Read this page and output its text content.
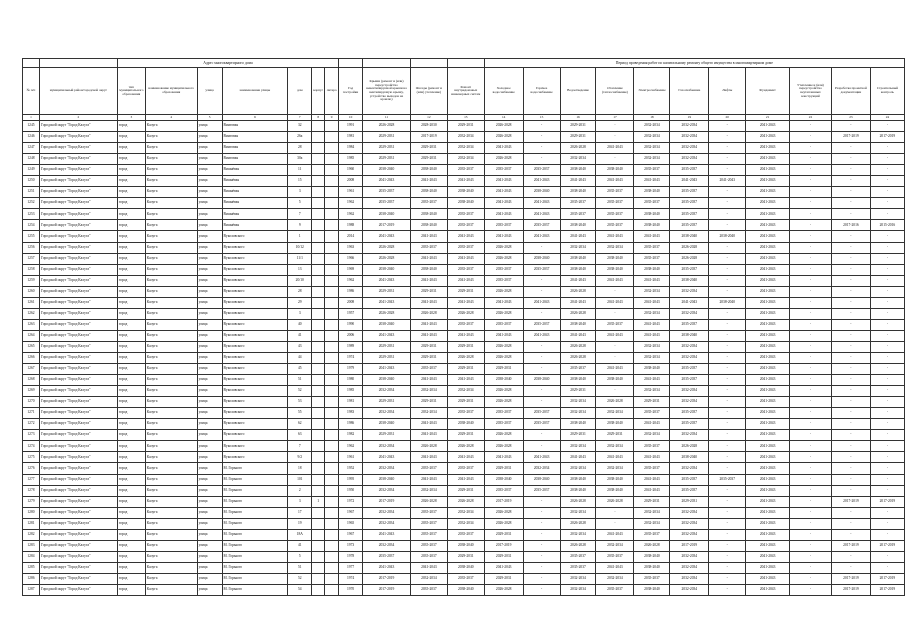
		Адрес многоквартирного дома											Период проведения работ по капитальному ремонту общего имущества в многоквартирном доме										
№ п/п	муниципальный район/городской округ	тип муниципального образования	наименование муниципального образования	улица	наименование улицы	дом	корпус	литера	Год постройки	Крыши (ремонт и (или) переустройство невентилируемой крыши на вентилируемую крышу, устройство выходов на кровлю)	Фасады (ремонт и (или) утепление)	Ремонт внутридомовых инженерных систем	Холодное водоснабжение	Горячее водоснабжение	Водоотведение	Отопление (теплоснабжение)	Электроснабжение	Газоснабжение	Лифты	Фундамент	Утепление и (или) переустройство неутепленных конструкций	Разработка проектной документации	Строительный контроль
1	2	3	4	5	6	7	8	9	10	11	12	13	14	15	16	17	18	19	20	21	22	23	24
1245	Городской округ "Город Калуга"	город	Калуга	улица	Винтовая	32			1991	2026-2028	2028-2030	2029-2031	2026-2028	-	2029-2031	-	2032-2034	2032-2034	-	2041-2043	-	-	-
1246	Городской округ "Город Калуга"	город	Калуга	улица	Винтовая	26а			1981	2029-2031	2017-2019	2032-2034	2026-2028	-	2029-2031	-	2032-2034	2032-2034	-	2041-2043	-	2017-2019	2017-2019
1247	Городской округ "Город Калуга"	город	Калуга	улица	Винтовая	28			1984	2029-2031	2029-2031	2032-2034	2041-2043	-	2026-2028	2041-2043	2032-2034	2032-2034	-	2041-2043	-	-	-
1248	Городской округ "Город Калуга"	город	Калуга	улица	Винтовая	30а			1985	2029-2031	2029-2031	2032-2034	2026-2028	-	2032-2034	-	2032-2034	2032-2034	-	2041-2043	-	-	-
1249	Городской округ "Город Калуга"	город	Калуга	улица	Вишнёвая	11			1960	2038-2040	2038-2040	2035-2037	2035-2037	2035-2037	2038-2040	2038-2040	2035-2037	2035-2037	-	2041-2043	-	-	-
1250	Городской округ "Город Калуга"	город	Калуга	улица	Вишнёвая	15			2008	2041-2043	2041-2043	2041-2043	2041-2043	2041-2043	2041-2043	2041-2043	2041-2043	2041-2043	2041-2043	2041-2043	-	-	-
1251	Городской округ "Город Калуга"	город	Калуга	улица	Вишнёвая	3			1961	2035-2037	2038-2040	2038-2040	2041-2043	2038-2040	2038-2040	2035-2037	2038-2040	2035-2037	-	2041-2043	-	-	-
1252	Городской округ "Город Калуга"	город	Калуга	улица	Вишнёвая	5			1962	2035-2037	2035-2037	2038-2040	2041-2043	2041-2043	2035-2037	2035-2037	2035-2037	2035-2037	-	2041-2043	-	-	-
1253	Городской округ "Город Калуга"	город	Калуга	улица	Вишнёвая	7			1962	2038-2040	2038-2040	2035-2037	2041-2043	2041-2043	2035-2037	2035-2037	2038-2040	2035-2037	-	2041-2043	-	-	-
1254	Городской округ "Город Калуга"	город	Калуга	улица	Вишнёвая	9			1988	2017-2019	2038-2040	2035-2037	2035-2037	2035-2037	2038-2040	2035-2037	2038-2040	2035-2037	-	2041-2043	-	2017-2016	2015-2016
1255	Городской округ "Город Калуга"	город	Калуга	улица	Вуколовского	1			2014	2041-2043	2041-2043	2041-2043	2041-2043	2041-2043	2041-2043	2041-2043	2041-2043	2038-2040	2038-2040	2041-2043	-	-	-
1256	Городской округ "Город Калуга"	город	Калуга	улица	Вуколовского	10/12			1963	2026-2028	2035-2037	2035-2037	2026-2028	-	2032-2034	2032-2034	2035-2037	2026-2028	-	2041-2043	-	-	-
1257	Городской округ "Город Калуга"	город	Калуга	улица	Вуколовского	11/1			1966	2026-2028	2041-2043	2041-2043	2026-2028	2038-2040	2038-2040	2038-2040	2035-2037	2026-2028	-	2041-2043	-	-	-
1258	Городской округ "Город Калуга"	город	Калуга	улица	Вуколовского	13			1969	2038-2040	2038-2040	2035-2037	2035-2037	2035-2037	2038-2040	2038-2040	2038-2040	2035-2037	-	2041-2043	-	-	-
1259	Городской округ "Город Калуга"	город	Калуга	улица	Вуколовского	20/10			1962	2041-2043	2041-2043	2041-2043	2035-2037	-	2041-2043	2041-2043	2041-2043	2038-2040	-	2041-2043	-	-	-
1260	Городской округ "Город Калуга"	город	Калуга	улица	Вуколовского	28			1986	2029-2031	2029-2031	2029-2031	2026-2028	-	2026-2028	-	2032-2034	2032-2034	-	2041-2043	-	-	-
1261	Городской округ "Город Калуга"	город	Калуга	улица	Вуколовского	29			2008	2041-2043	2041-2043	2041-2043	2041-2043	2041-2043	2041-2043	2041-2043	2041-2043	2041-2043	2038-2040	2041-2043	-	-	-
1262	Городской округ "Город Калуга"	город	Калуга	улица	Вуколовского	3			1957	2026-2028	2026-2028	2026-2028	2026-2028	-	2026-2028	-	2032-2034	2032-2034	-	2041-2043	-	-	-
1263	Городской округ "Город Калуга"	город	Калуга	улица	Вуколовского	40			1990	2038-2040	2041-2043	2035-2037	2035-2037	2035-2037	2038-2040	2035-2037	2041-2043	2035-2037	-	2041-2043	-	-	-
1264	Городской округ "Город Калуга"	город	Калуга	улица	Вуколовского	41			2006	2041-2043	2041-2043	2041-2043	2041-2043	2041-2043	2041-2043	2041-2043	2041-2043	2038-2040	-	2041-2043	-	-	-
1265	Городской округ "Город Калуга"	город	Калуга	улица	Вуколовского	43			1989	2029-2031	2029-2031	2029-2031	2026-2028	-	2026-2028	-	2032-2034	2032-2034	-	2041-2043	-	-	-
1266	Городской округ "Город Калуга"	город	Калуга	улица	Вуколовского	44			1974	2029-2031	2029-2031	2026-2028	2026-2028	-	2026-2028	-	2032-2034	2032-2034	-	2041-2043	-	-	-
1267	Городской округ "Город Калуга"	город	Калуга	улица	Вуколовского	45			1979	2041-2043	2035-2037	2029-2031	2029-2031	-	2035-2037	2041-2043	2038-2040	2035-2037	-	2041-2043	-	-	-
1268	Городской округ "Город Калуга"	город	Калуга	улица	Вуколовского	51			1980	2038-2040	2041-2043	2041-2043	2038-2040	2038-2040	2038-2040	2038-2040	2041-2043	2035-2037	-	2041-2043	-	-	-
1269	Городской округ "Город Калуга"	город	Калуга	улица	Вуколовского	52			1985	2032-2034	2032-2034	2032-2034	2026-2028	-	2029-2031	-	2032-2034	2032-2034	-	2041-2043	-	-	-
1270	Городской округ "Город Калуга"	город	Калуга	улица	Вуколовского	53			1981	2029-2031	2029-2031	2029-2031	2026-2028	-	2032-2034	2026-2028	2029-2031	2032-2034	-	2041-2043	-	-	-
1271	Городской округ "Город Калуга"	город	Калуга	улица	Вуколовского	55			1983	2032-2034	2032-2034	2035-2037	2035-2037	2035-2037	2032-2034	2032-2034	2035-2037	2035-2037	-	2041-2043	-	-	-
1272	Городской округ "Город Калуга"	город	Калуга	улица	Вуколовского	62			1986	2038-2040	2041-2043	2038-2040	2035-2037	2035-2037	2038-2040	2038-2040	2041-2043	2035-2037	-	2041-2043	-	-	-
1273	Городской округ "Город Калуга"	город	Калуга	улица	Вуколовского	63			1982	2029-2031	2041-2043	2029-2031	2026-2028	-	2029-2031	2029-2031	2032-2034	2032-2034	-	2041-2043	-	-	-
1274	Городской округ "Город Калуга"	город	Калуга	улица	Вуколовского	7			1962	2032-2034	2026-2028	2026-2028	2026-2028	-	2032-2034	2032-2034	2035-2037	2026-2028	-	2041-2043	-	-	-
1275	Городской округ "Город Калуга"	город	Калуга	улица	Вуколовского	9/2			1961	2041-2043	2041-2043	2041-2043	2041-2043	2041-2043	2041-2043	2041-2043	2041-2043	2038-2040	-	2041-2043	-	-	-
1276	Городской округ "Город Калуга"	город	Калуга	улица	М. Горького	18			1952	2032-2034	2035-2037	2035-2037	2029-2031	2032-2034	2032-2034	2032-2034	2035-2037	2032-2034	-	2041-2043	-	-	-
1277	Городской округ "Город Калуга"	город	Калуга	улица	М. Горького	101			1995	2038-2040	2041-2043	2041-2043	2038-2040	2038-2040	2038-2040	2038-2040	2041-2043	2035-2037	2035-2037	2041-2043	-	-	-
1278	Городской округ "Город Калуга"	город	Калуга	улица	М. Горького	2			1950	2032-2034	2032-2034	2029-2031	2035-2037	2035-2037	2038-2040	2038-2040	2041-2043	2035-2037	-	2041-2043	-	-	-
1279	Городской округ "Город Калуга"	город	Калуга	улица	М. Горького	3	1		1972	2017-2019	2026-2028	2026-2028	2017-2019	-	2026-2028	2026-2028	2029-2031	2029-2031	-	2041-2043	-	2017-2019	2017-2019
1280	Городской округ "Город Калуга"	город	Калуга	улица	М. Горького	17			1967	2032-2034	2035-2037	2032-2034	2026-2028	-	2032-2034	-	2032-2034	2032-2034	-	2041-2043	-	-	-
1281	Городской округ "Город Калуга"	город	Калуга	улица	М. Горького	19			1965	2032-2034	2035-2037	2032-2034	2026-2028	-	2026-2028	-	2032-2034	2032-2034	-	2041-2043	-	-	-
1282	Городской округ "Город Калуга"	город	Калуга	улица	М. Горького	18А			1967	2041-2043	2035-2037	2035-2037	2029-2031	-	2032-2034	2041-2043	2035-2037	2032-2034	-	2041-2043	-	-	-
1283	Городской округ "Город Калуга"	город	Калуга	улица	М. Горького	41			1973	2032-2034	2035-2037	2038-2040	2017-2019	-	2026-2028	2032-2034	2026-2028	2017-2019	-	2041-2043	-	2017-2019	2017-2019
1284	Городской округ "Город Калуга"	город	Калуга	улица	М. Горького	5			1978	2035-2037	2035-2037	2029-2031	2029-2031	-	2035-2037	2035-2037	2038-2040	2032-2034	-	2041-2043	-	-	-
1285	Городской округ "Город Калуга"	город	Калуга	улица	М. Горького	51			1977	2041-2043	2041-2043	2038-2040	2041-2043	-	2035-2037	2041-2043	2038-2040	2032-2034	-	2041-2043	-	-	-
1286	Городской округ "Город Калуга"	город	Калуга	улица	М. Горького	52			1974	2017-2019	2032-2034	2035-2037	2029-2031	-	2032-2034	2032-2034	2035-2037	2032-2034	-	2041-2043	-	2017-2019	2017-2019
1287	Городской округ "Город Калуга"	город	Калуга	улица	М. Горького	54			1970	2017-2019	2035-2037	2038-2040	2026-2028	-	2032-2034	2035-2037	2038-2040	2032-2034	-	2041-2043	-	2017-2019	2017-2019
